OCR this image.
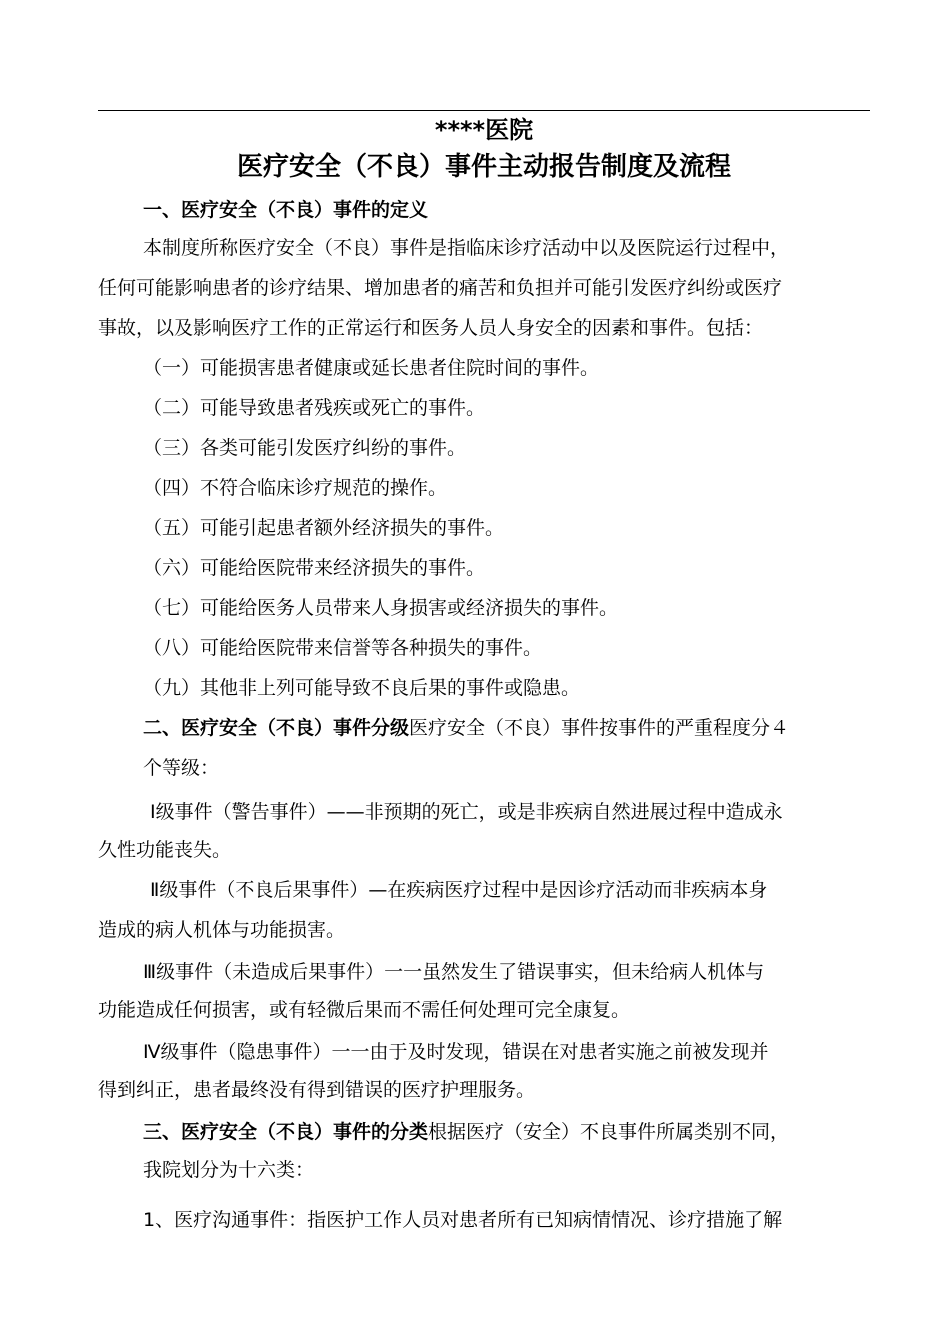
****医院
医疗安全（不良）事件主动报告制度及流程
一、医疗安全（不良）事件的定义
本制度所称医疗安全（不良）事件是指临床诊疗活动中以及医院运行过程中，
任何可能影响患者的诊疗结果、增加患者的痛苦和负担并可能引发医疗纠纷或医疗
事故，以及影响医疗工作的正常运行和医务人员人身安全的因素和事件。包括：
（一）可能损害患者健康或延长患者住院时间的事件。
（二）可能导致患者残疾或死亡的事件。
（三）各类可能引发医疗纠纷的事件。
（四）不符合临床诊疗规范的操作。
（五）可能引起患者额外经济损失的事件。
（六）可能给医院带来经济损失的事件。
（七）可能给医务人员带来人身损害或经济损失的事件。
（八）可能给医院带来信誉等各种损失的事件。
（九）其他非上列可能导致不良后果的事件或隐患。
二、医疗安全（不良）事件分级医疗安全（不良）事件按事件的严重程度分４
个等级：
Ⅰ级事件（警告事件）——非预期的死亡，或是非疾病自然进展过程中造成永
久性功能丧失。
Ⅱ级事件（不良后果事件）—在疾病医疗过程中是因诊疗活动而非疾病本身
造成的病人机体与功能损害。
Ⅲ级事件（未造成后果事件）一一虽然发生了错误事实，但未给病人机体与
功能造成任何损害，或有轻微后果而不需任何处理可完全康复。
Ⅳ级事件（隐患事件）一一由于及时发现，错误在对患者实施之前被发现并
得到纠正，患者最终没有得到错误的医疗护理服务。
三、医疗安全（不良）事件的分类根据医疗（安全）不良事件所属类别不同，
我院划分为十六类：
1、医疗沟通事件：指医护工作人员对患者所有已知病情情况、诊疗措施了解
